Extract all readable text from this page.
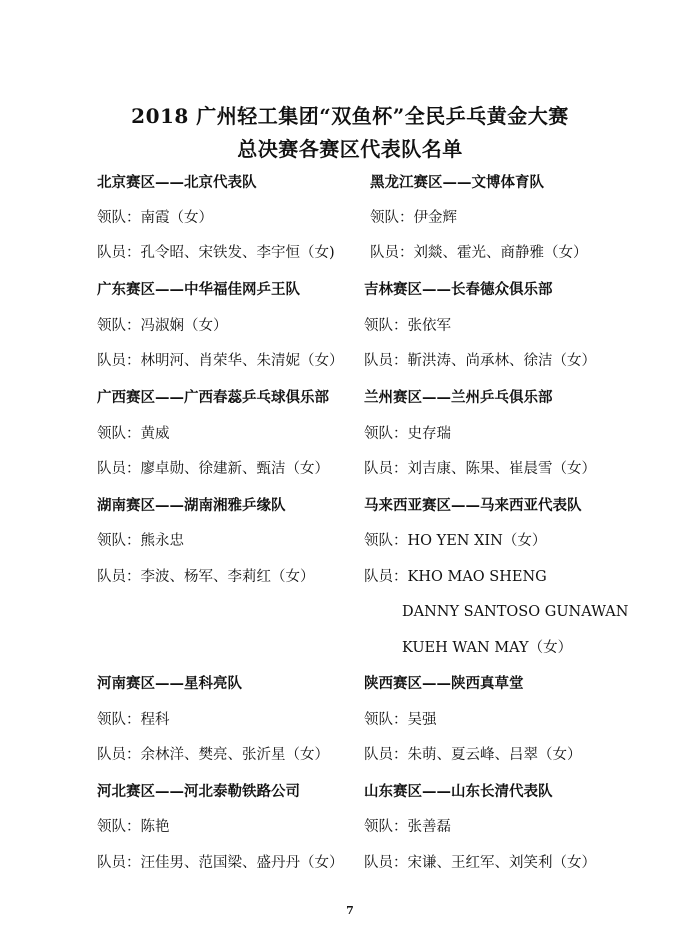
2018 广州轻工集团“双鱼杯”全民乒乓黄金大赛
总决赛各赛区代表队名单
北京赛区——北京代表队
领队：南霞（女）
队员：孔令昭、宋铁发、李宇恒（女)
黑龙江赛区——文博体育队
领队：伊金辉
队员：刘燚、霍光、商静雅（女）
广东赛区——中华福佳网乒王队
领队：冯淑娴（女）
队员：林明河、肖荣华、朱清妮（女）
吉林赛区——长春德众俱乐部
领队：张依军
队员：靳洪涛、尚承林、徐洁（女）
广西赛区——广西春蕊乒乓球俱乐部
领队：黄威
队员：廖卓勋、徐建新、甄洁（女）
兰州赛区——兰州乒乓俱乐部
领队：史存瑞
队员：刘吉康、陈果、崔晨雪（女）
湖南赛区——湖南湘雅乒缘队
领队：熊永忠
队员：李波、杨军、李莉红（女）
马来西亚赛区——马来西亚代表队
领队：HO YEN XIN（女）
队员：KHO MAO SHENG
DANNY SANTOSO GUNAWAN
KUEH WAN MAY（女）
河南赛区——星科亮队
领队：程科
队员：余林洋、樊亮、张沂星（女）
陕西赛区——陕西真草堂
领队：吴强
队员：朱萌、夏云峰、吕翠（女）
河北赛区——河北泰勒铁路公司
领队：陈艳
队员：汪佳男、范国梁、盛丹丹（女）
山东赛区——山东长清代表队
领队：张善磊
队员：宋谦、王红军、刘笑利（女）
7
